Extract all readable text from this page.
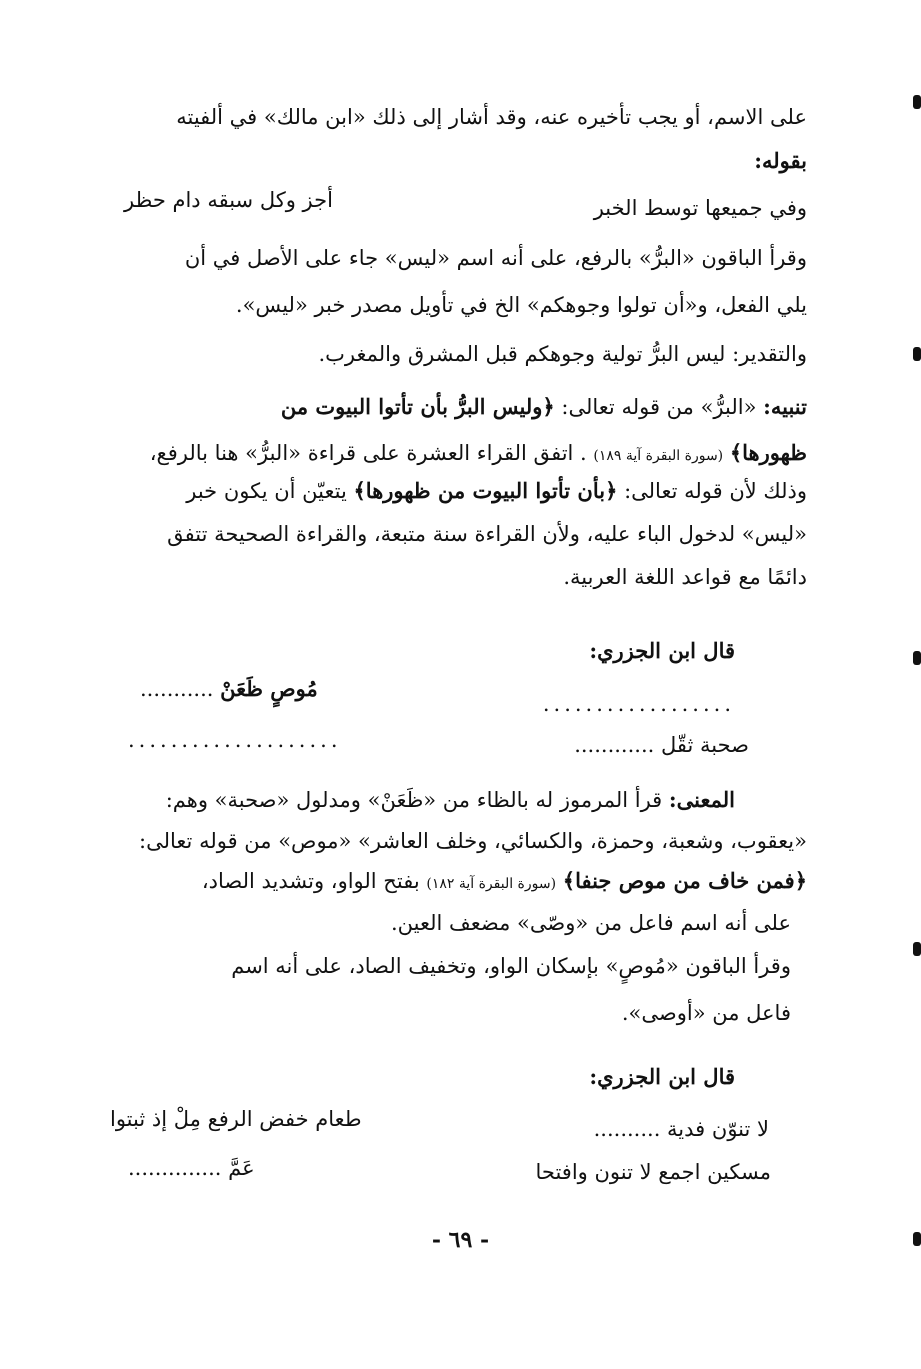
على الاسم، أو يجب تأخيره عنه، وقد أشار إلى ذلك «ابن مالك» في ألفيته
بقوله:
وفي جميعها توسط الخبر
أجز وكل سبقه دام حظر
وقرأ الباقون «البرُّ» بالرفع، على أنه اسم «ليس» جاء على الأصل في أن
يلي الفعل، و«أن تولوا وجوهكم» الخ في تأويل مصدر خبر «ليس».
والتقدير: ليس البرُّ تولية وجوهكم قبل المشرق والمغرب.
تنبيه: «البرُّ» من قوله تعالى: ﴿وليس البرُّ بأن تأتوا البيوت من
ظهورها﴾ (سورة البقرة آية ١٨٩) . اتفق القراء العشرة على قراءة «البرُّ» هنا بالرفع،
وذلك لأن قوله تعالى: ﴿بأن تأتوا البيوت من ظهورها﴾ يتعيّن أن يكون خبر
«ليس» لدخول الباء عليه، ولأن القراءة سنة متبعة، والقراءة الصحيحة تتفق
دائمًا مع قواعد اللغة العربية.
قال ابن الجزري:
..................
مُوصٍ ظَعَنْ ...........
صحبة ثقّل ............
....................
المعنى: قرأ المرموز له بالظاء من «ظَعَنْ» ومدلول «صحبة» وهم:
«يعقوب، وشعبة، وحمزة، والكسائي، وخلف العاشر» «موص» من قوله تعالى:
﴿فمن خاف من موص جنفا﴾ (سورة البقرة آية ١٨٢) بفتح الواو، وتشديد الصاد،
على أنه اسم فاعل من «وصّى» مضعف العين.
وقرأ الباقون «مُوصٍ» بإسكان الواو، وتخفيف الصاد، على أنه اسم
فاعل من «أوصى».
قال ابن الجزري:
لا تنوّن فدية ..........
طعام خفض الرفع مِلْ إذ ثبتوا
مسكين اجمع لا تنون وافتحا
عَمَّ ..............
- ٦٩ -
